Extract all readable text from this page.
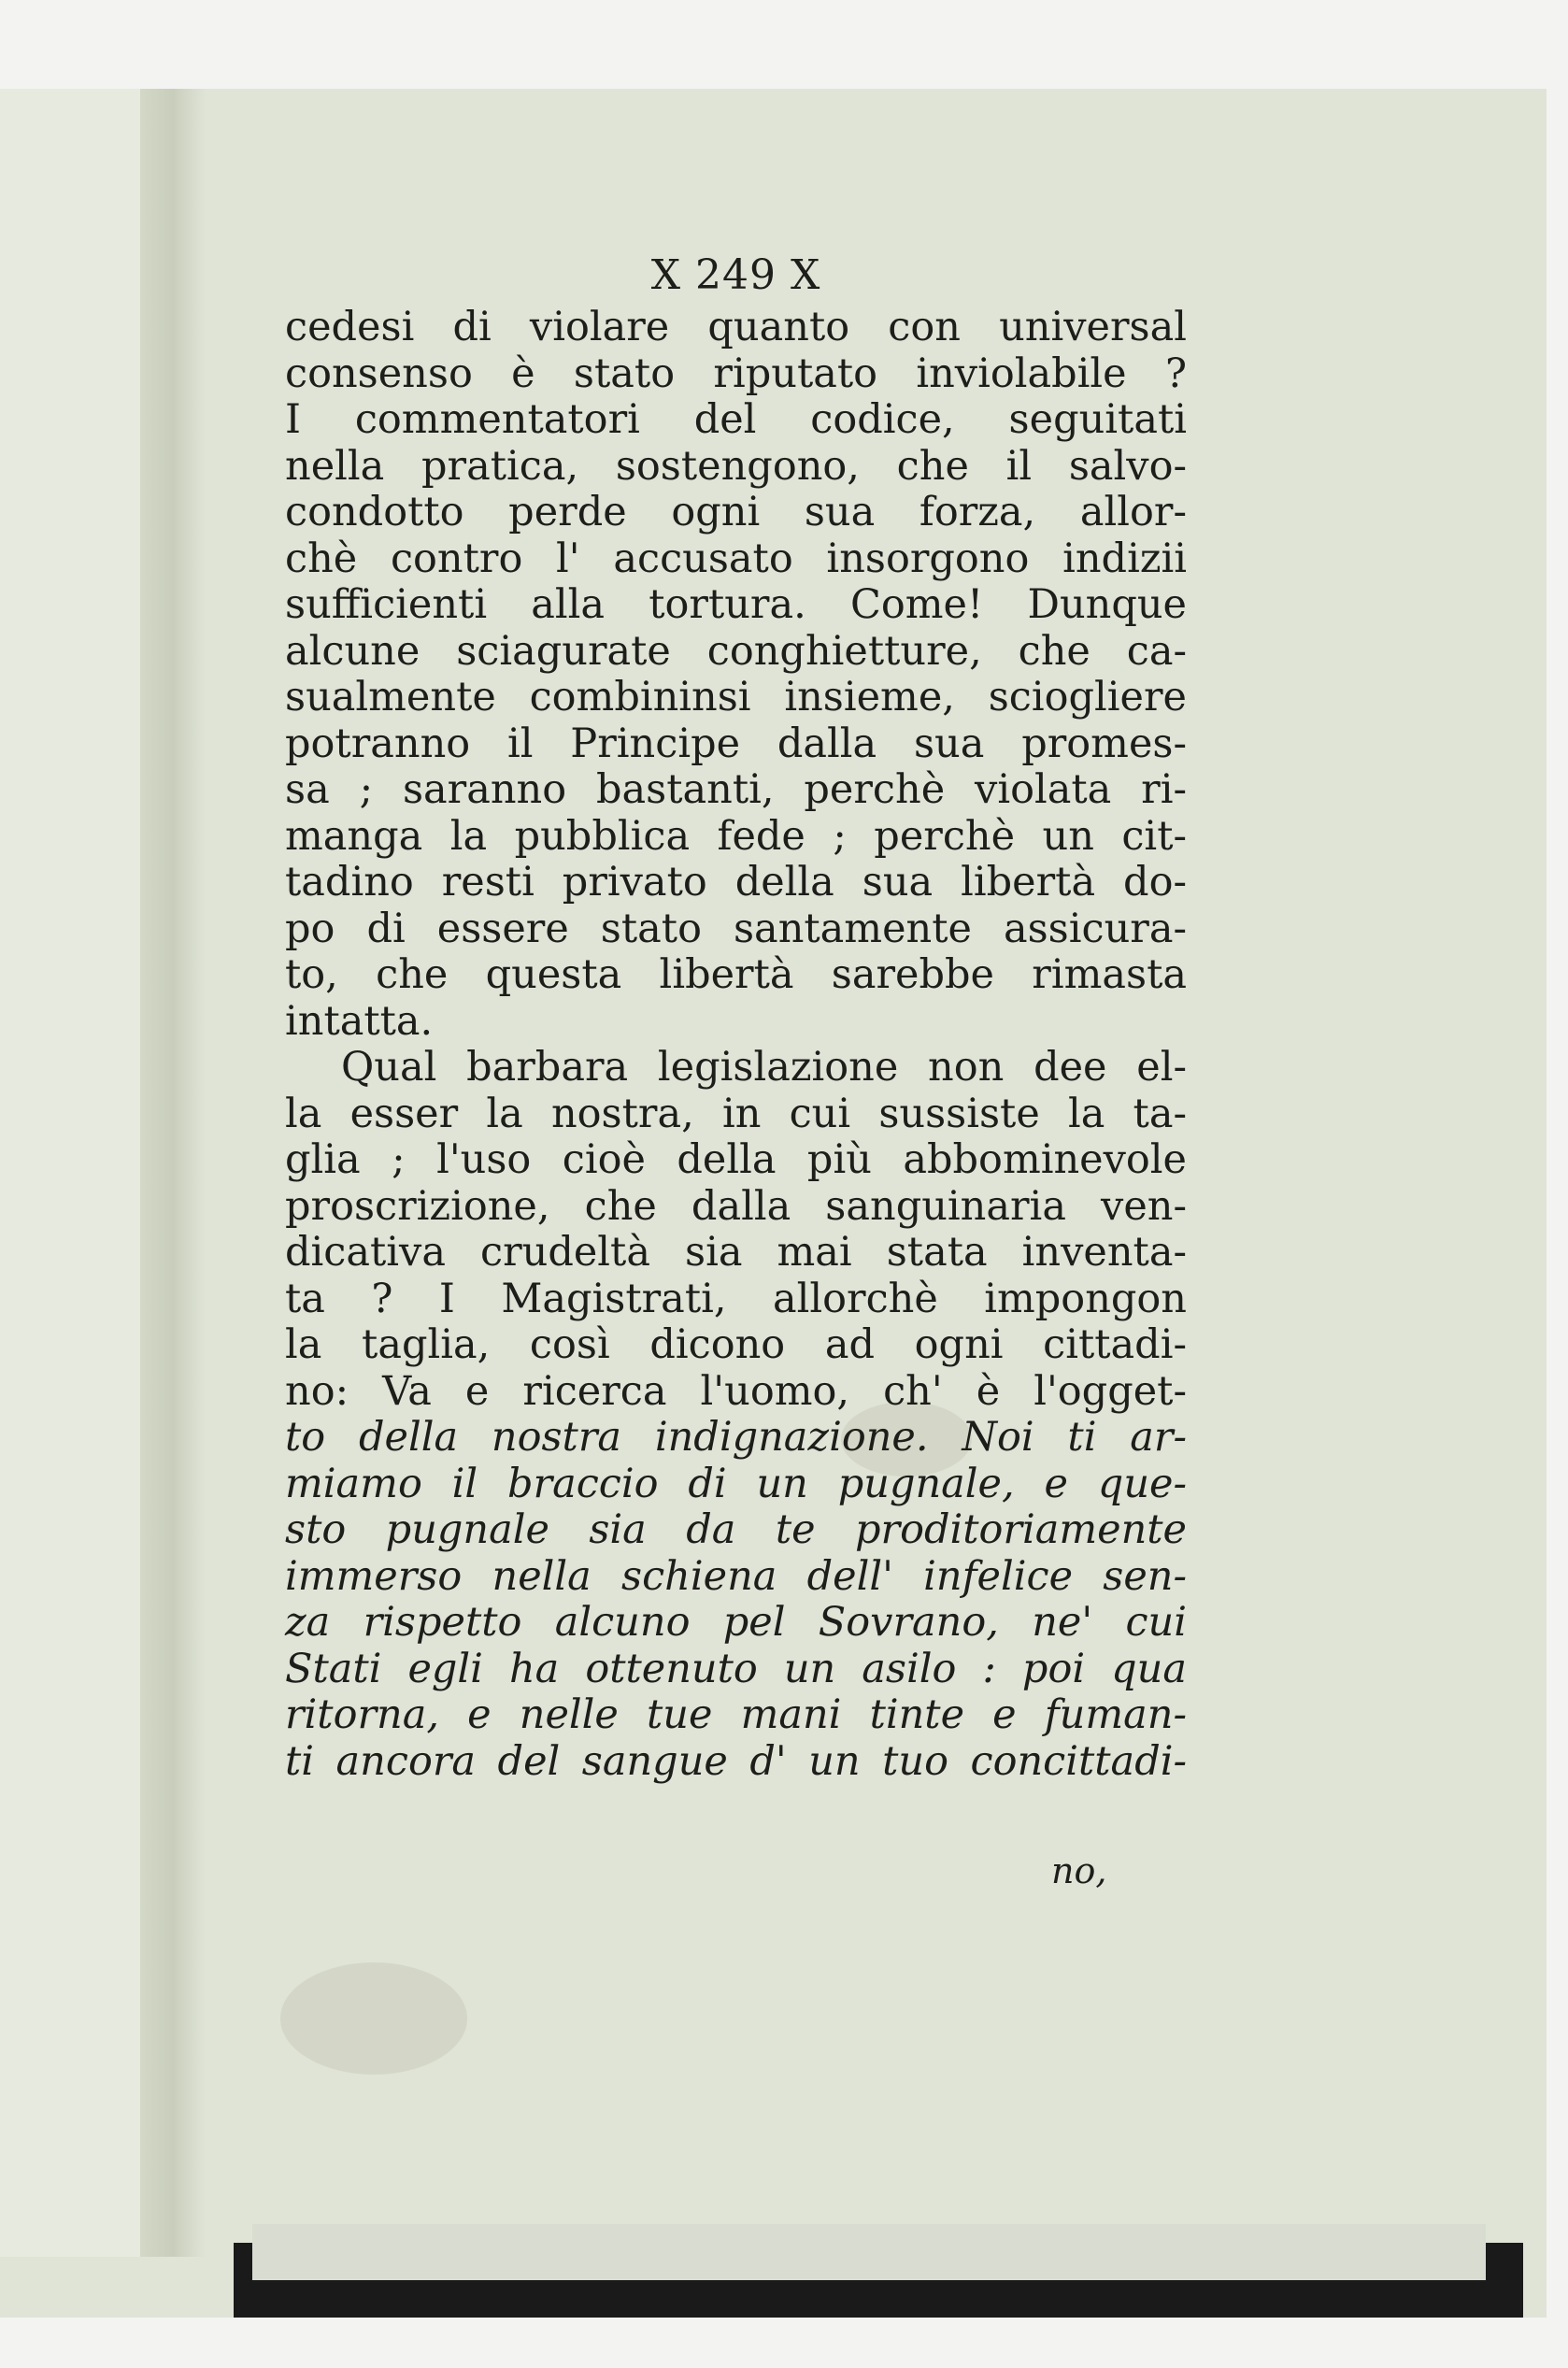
Ⅹ 249 Ⅹ
cedesi di violare quanto con universal
consenso è stato riputato inviolabile ?
I commentatori del codice, seguitati
nella pratica, sostengono, che il salvo-
condotto perde ogni sua forza, allor-
chè contro l' accusato insorgono indizii
sufficienti alla tortura. Come! Dunque
alcune sciagurate conghietture, che ca-
sualmente combininsi insieme, sciogliere
potranno il Principe dalla sua promes-
sa ; saranno bastanti, perchè violata ri-
manga la pubblica fede ; perchè un cit-
tadino resti privato della sua libertà do-
po di essere stato santamente assicura-
to, che questa libertà sarebbe rimasta
intatta.
Qual barbara legislazione non dee el-
la esser la nostra, in cui sussiste la ta-
glia ; l'uso cioè della più abbominevole
proscrizione, che dalla sanguinaria ven-
dicativa crudeltà sia mai stata inventa-
ta ? I Magistrati, allorchè impongon
la taglia, così dicono ad ogni cittadi-
no: Va e ricerca l'uomo, ch' è l'ogget-
to della nostra indignazione. Noi ti ar-
miamo il braccio di un pugnale, e que-
sto pugnale sia da te proditoriamente
immerso nella schiena dell' infelice sen-
za rispetto alcuno pel Sovrano, ne' cui
Stati egli ha ottenuto un asilo : poi qua
ritorna, e nelle tue mani tinte e fuman-
ti ancora del sangue d' un tuo concittadi-
no,
